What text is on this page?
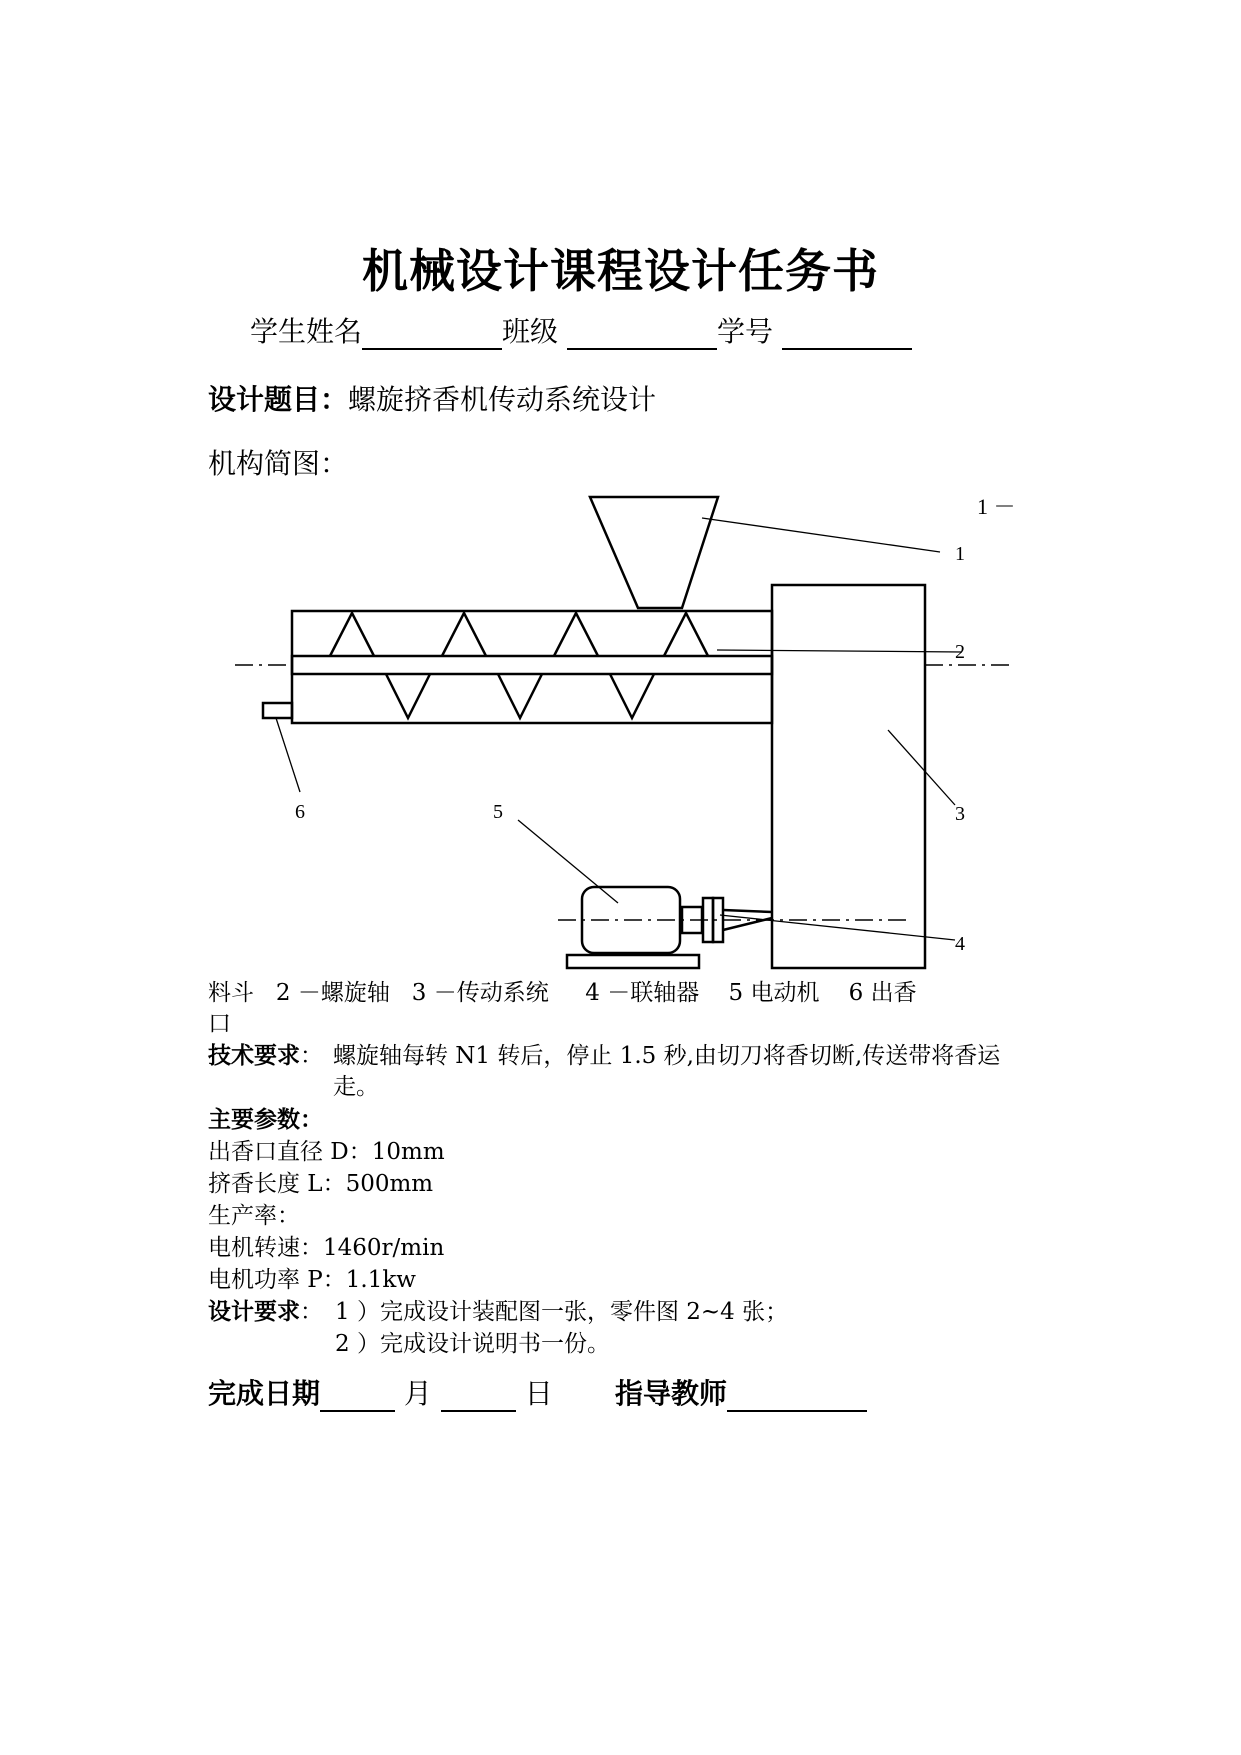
机械设计课程设计任务书
学生姓名	班级	学号
设计题目：螺旋挤香机传动系统设计
机构简图：
1
2
3
4
5
6
1 －
料斗   2 －螺旋轴   3 －传动系统     4 －联轴器    5 电动机    6 出香
口
技术要求： 螺旋轴每转 N1 转后，停止 1.5 秒,由切刀将香切断,传送带将香运
走。
主要参数：
出香口直径 D：10mm
挤香长度 L：500mm
生产率：
电机转速：1460r/min
电机功率 P：1.1kw
设计要求： 1 ）完成设计装配图一张，零件图 2~4 张；
2 ）完成设计说明书一份。
完成日期	月	日 指导教师
